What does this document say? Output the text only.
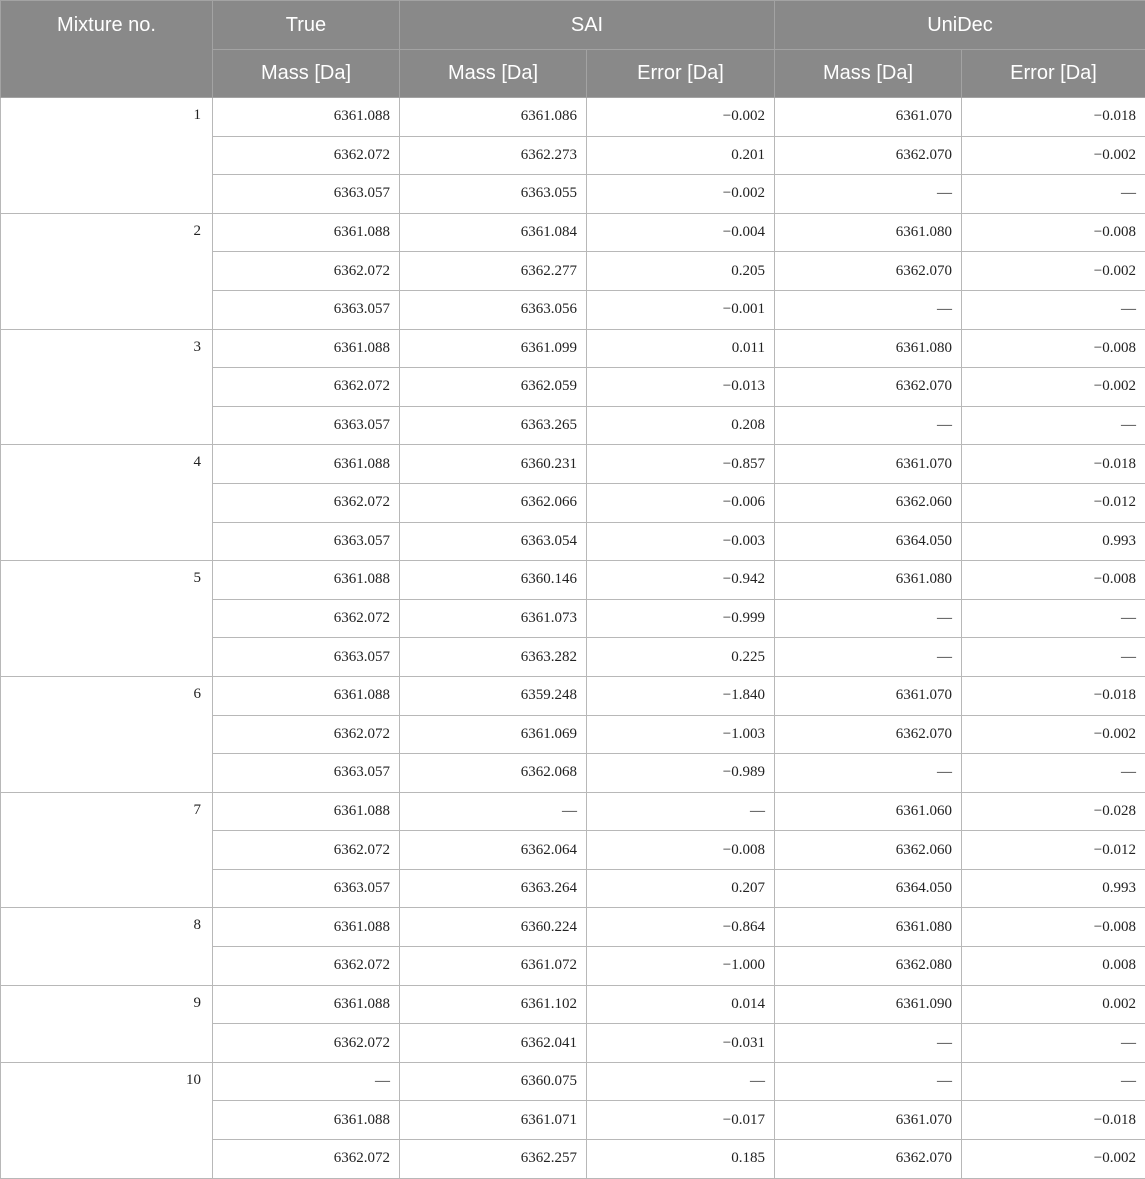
Mixture no.	True	SAI		UniDec	
	Mass [Da]	Mass [Da]	Error [Da]	Mass [Da]	Error [Da]
1	6361.088	6361.086	−0.002	6361.070	−0.018
	6362.072	6362.273	0.201	6362.070	−0.002
	6363.057	6363.055	−0.002	—	—
2	6361.088	6361.084	−0.004	6361.080	−0.008
	6362.072	6362.277	0.205	6362.070	−0.002
	6363.057	6363.056	−0.001	—	—
3	6361.088	6361.099	0.011	6361.080	−0.008
	6362.072	6362.059	−0.013	6362.070	−0.002
	6363.057	6363.265	0.208	—	—
4	6361.088	6360.231	−0.857	6361.070	−0.018
	6362.072	6362.066	−0.006	6362.060	−0.012
	6363.057	6363.054	−0.003	6364.050	0.993
5	6361.088	6360.146	−0.942	6361.080	−0.008
	6362.072	6361.073	−0.999	—	—
	6363.057	6363.282	0.225	—	—
6	6361.088	6359.248	−1.840	6361.070	−0.018
	6362.072	6361.069	−1.003	6362.070	−0.002
	6363.057	6362.068	−0.989	—	—
7	6361.088	—	—	6361.060	−0.028
	6362.072	6362.064	−0.008	6362.060	−0.012
	6363.057	6363.264	0.207	6364.050	0.993
8	6361.088	6360.224	−0.864	6361.080	−0.008
	6362.072	6361.072	−1.000	6362.080	0.008
9	6361.088	6361.102	0.014	6361.090	0.002
	6362.072	6362.041	−0.031	—	—
10	—	6360.075	—	—	—
	6361.088	6361.071	−0.017	6361.070	−0.018
	6362.072	6362.257	0.185	6362.070	−0.002
